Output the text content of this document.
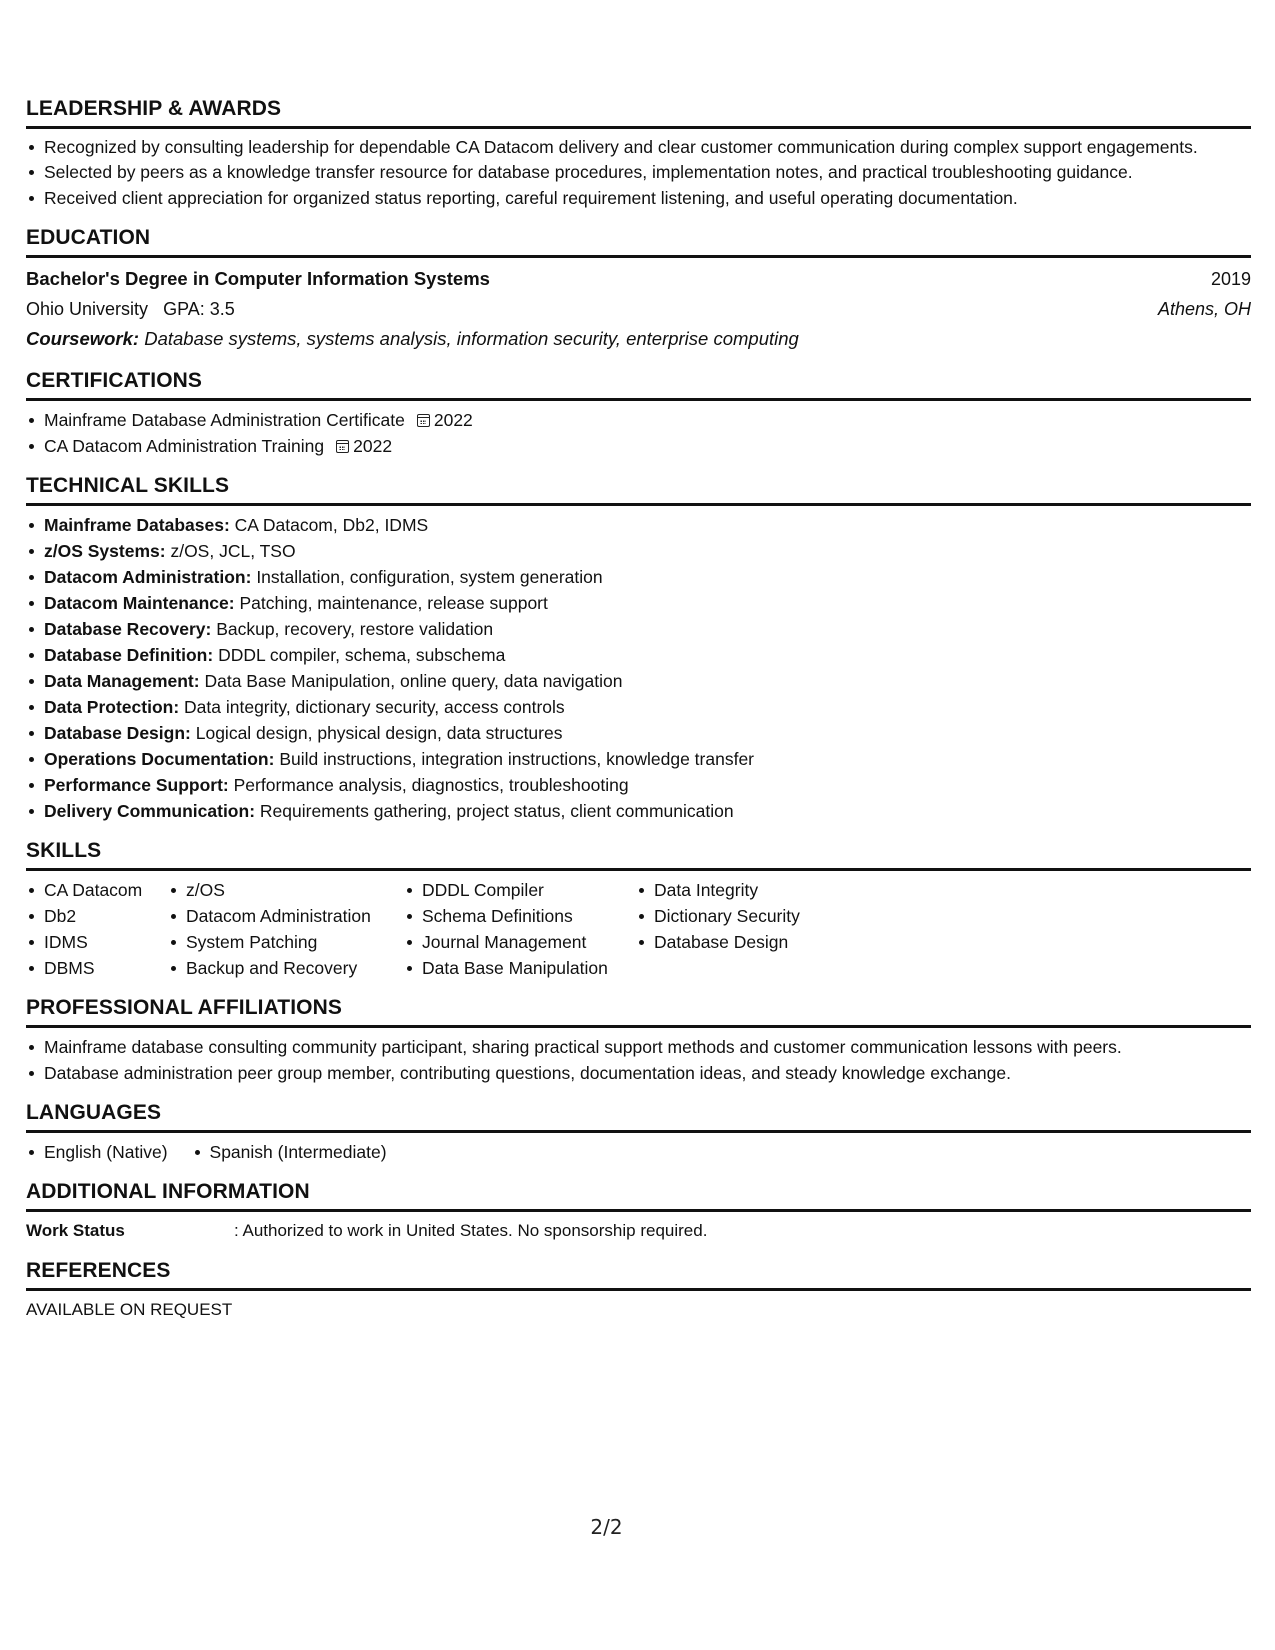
LEADERSHIP & AWARDS
Recognized by consulting leadership for dependable CA Datacom delivery and clear customer communication during complex support engagements.
Selected by peers as a knowledge transfer resource for database procedures, implementation notes, and practical troubleshooting guidance.
Received client appreciation for organized status reporting, careful requirement listening, and useful operating documentation.
EDUCATION
Bachelor's Degree in Computer Information Systems	2019
Ohio University GPA: 3.5	Athens, OH
Coursework: Database systems, systems analysis, information security, enterprise computing
CERTIFICATIONS
Mainframe Database Administration Certificate 2022
CA Datacom Administration Training 2022
TECHNICAL SKILLS
Mainframe Databases: CA Datacom, Db2, IDMS
z/OS Systems: z/OS, JCL, TSO
Datacom Administration: Installation, configuration, system generation
Datacom Maintenance: Patching, maintenance, release support
Database Recovery: Backup, recovery, restore validation
Database Definition: DDDL compiler, schema, subschema
Data Management: Data Base Manipulation, online query, data navigation
Data Protection: Data integrity, dictionary security, access controls
Database Design: Logical design, physical design, data structures
Operations Documentation: Build instructions, integration instructions, knowledge transfer
Performance Support: Performance analysis, diagnostics, troubleshooting
Delivery Communication: Requirements gathering, project status, client communication
SKILLS
CA Datacom
Db2
IDMS
DBMS
z/OS
Datacom Administration
System Patching
Backup and Recovery
DDDL Compiler
Schema Definitions
Journal Management
Data Base Manipulation
Data Integrity
Dictionary Security
Database Design
PROFESSIONAL AFFILIATIONS
Mainframe database consulting community participant, sharing practical support methods and customer communication lessons with peers.
Database administration peer group member, contributing questions, documentation ideas, and steady knowledge exchange.
LANGUAGES
English (Native)	Spanish (Intermediate)
ADDITIONAL INFORMATION
Work Status	: Authorized to work in United States. No sponsorship required.
REFERENCES
AVAILABLE ON REQUEST
2/2
